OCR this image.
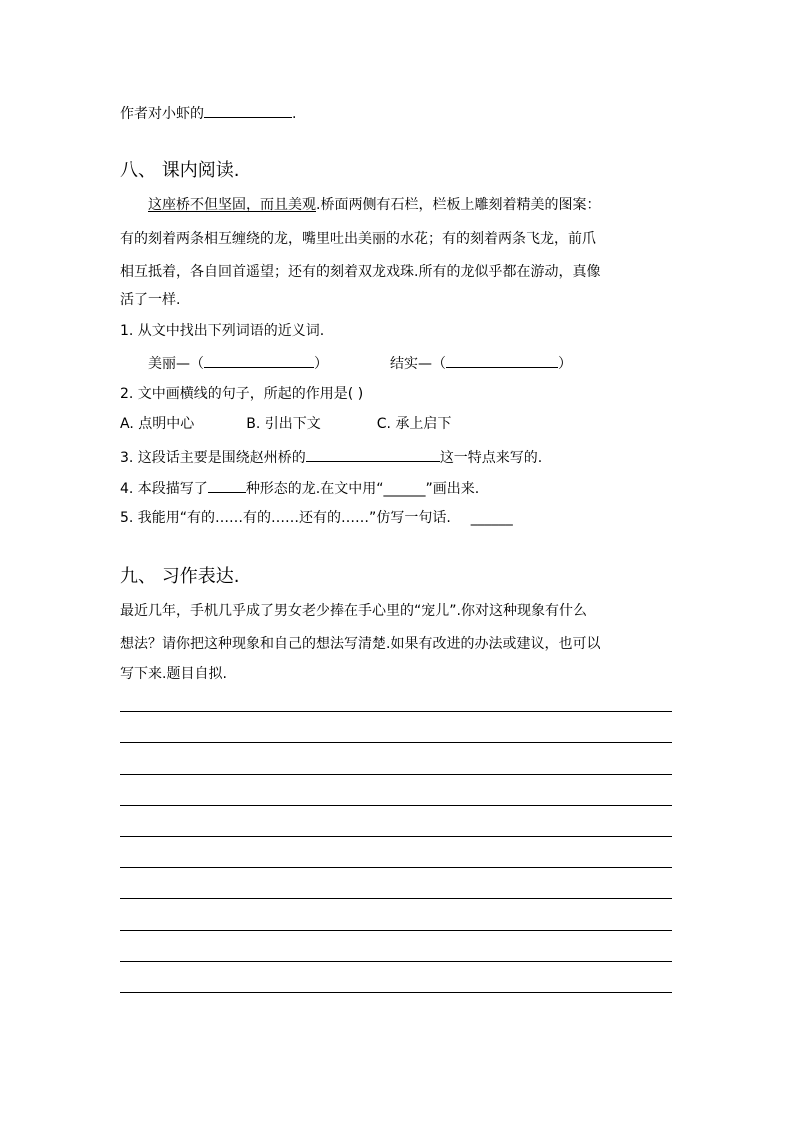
作者对小虾的	.
八、 课内阅读.
这座桥不但坚固，而且美观.桥面两侧有石栏，栏板上雕刻着精美的图案：
有的刻着两条相互缠绕的龙，嘴里吐出美丽的水花；有的刻着两条飞龙，前爪
相互抵着，各自回首遥望；还有的刻着双龙戏珠.所有的龙似乎都在游动，真像
活了一样.
1. 从文中找出下列词语的近义词.
美丽—（	）	结实—（	）
2. 文中画横线的句子，所起的作用是( )
A. 点明中心	B. 引出下文	C. 承上启下
3. 这段话主要是围绕赵州桥的	这一特点来写的.
4. 本段描写了	种形态的龙.在文中用“______”画出来.
5. 我能用“有的……有的……还有的……”仿写一句话. ______
九、 习作表达.
最近几年，手机几乎成了男女老少捧在手心里的“宠儿”.你对这种现象有什么
想法？请你把这种现象和自己的想法写清楚.如果有改进的办法或建议，也可以
写下来.题目自拟.
